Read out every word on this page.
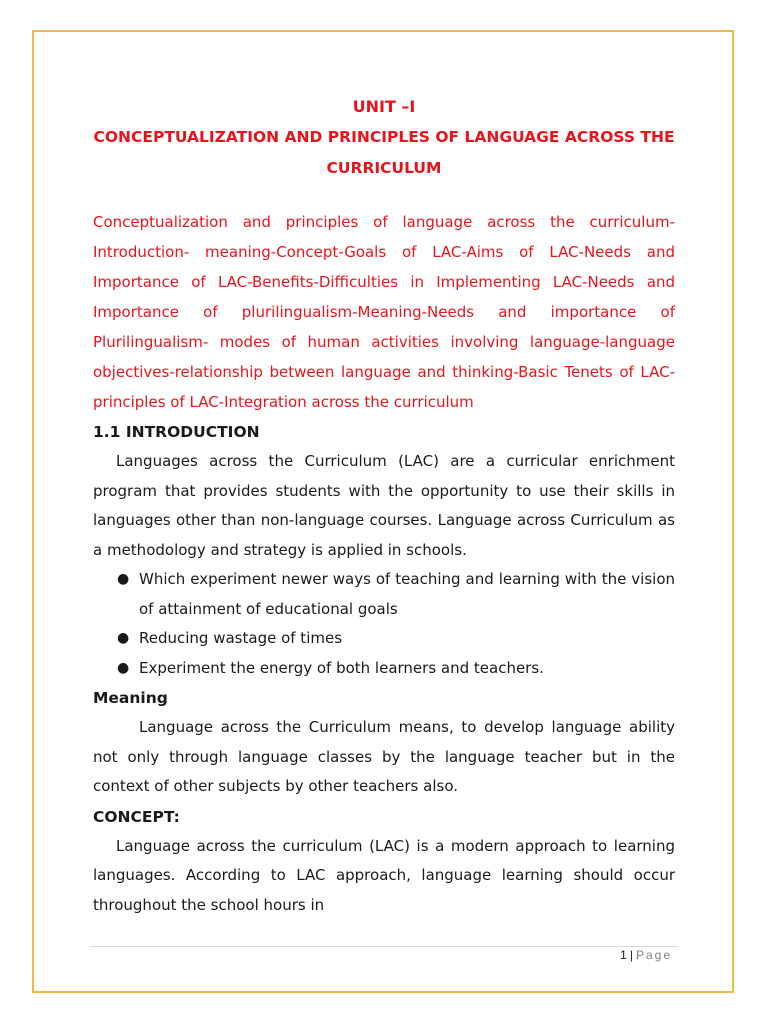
UNIT –I

CONCEPTUALIZATION AND PRINCIPLES OF LANGUAGE ACROSS THE CURRICULUM

Conceptualization and principles of language across the curriculum-Introduction- meaning-Concept-Goals of LAC-Aims of LAC-Needs and Importance of LAC-Benefits-Difficulties in Implementing LAC-Needs and Importance of plurilingualism-Meaning-Needs and importance of Plurilingualism- modes of human activities involving language-language objectives-relationship between language and thinking-Basic Tenets of LAC-principles of LAC-Integration across the curriculum

1.1 INTRODUCTION

Languages across the Curriculum (LAC) are a curricular enrichment program that provides students with the opportunity to use their skills in languages other than non-language courses. Language across Curriculum as a methodology and strategy is applied in schools.

● Which experiment newer ways of teaching and learning with the vision of attainment of educational goals
● Reducing wastage of times
● Experiment the energy of both learners and teachers.

Meaning

Language across the Curriculum means, to develop language ability not only through language classes by the language teacher but in the context of other subjects by other teachers also.

CONCEPT:

Language across the curriculum (LAC) is a modern approach to learning languages. According to LAC approach, language learning should occur throughout the school hours in

1 | Page
